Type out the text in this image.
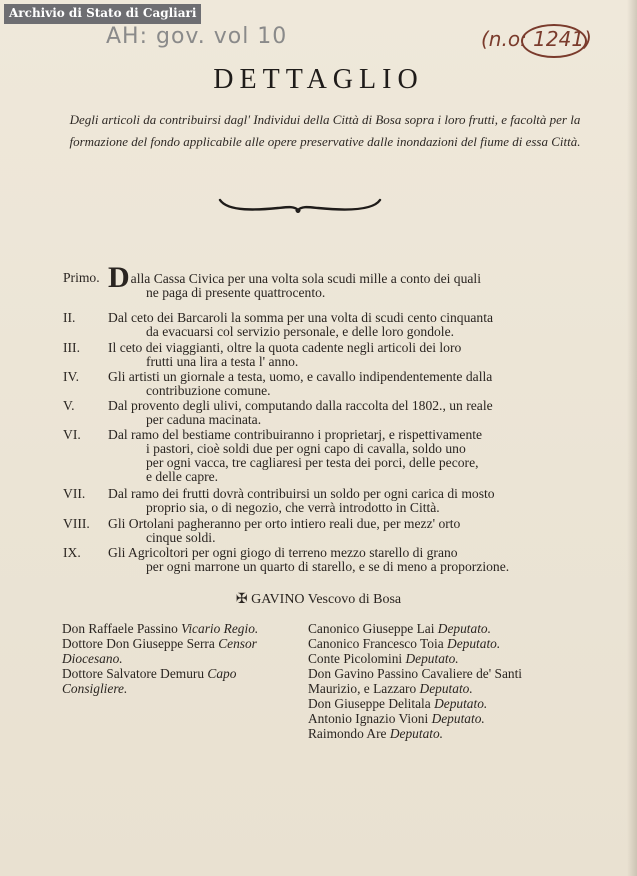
Archivio di Stato di Cagliari
AH: gov. vol 10	(n.o: 1241)
DETTAGLIO
Degli articoli da contribuirsi dagl' Individui della Città di Bosa sopra i loro frutti, e facoltà per la formazione del fondo applicabile alle opere preservative dalle inondazioni del fiume di essa Città.
Primo. Dalla Cassa Civica per una volta sola scudi mille a conto dei quali
ne paga di presente quattrocento.
II. Dal ceto dei Barcaroli la somma per una volta di scudi cento cinquanta
da evacuarsi col servizio personale, e delle loro gondole.
III. Il ceto dei viaggianti, oltre la quota cadente negli articoli dei loro
frutti una lira a testa l' anno.
IV. Gli artisti un giornale a testa, uomo, e cavallo indipendentemente dalla
contribuzione comune.
V. Dal provento degli ulivi, computando dalla raccolta del 1802., un reale
per caduna macinata.
VI. Dal ramo del bestiame contribuiranno i proprietarj, e rispettivamente
i pastori, cioè soldi due per ogni capo di cavalla, soldo uno
per ogni vacca, tre cagliaresi per testa dei porci, delle pecore,
e delle capre.
VII. Dal ramo dei frutti dovrà contribuirsi un soldo per ogni carica di mosto
proprio sia, o di negozio, che verrà introdotto in Città.
VIII. Gli Ortolani pagheranno per orto intiero reali due, per mezz' orto
cinque soldi.
IX. Gli Agricoltori per ogni giogo di terreno mezzo starello di grano
per ogni marrone un quarto di starello, e se di meno a proporzione.
✠ GAVINO Vescovo di Bosa
Don Raffaele Passino Vicario Regio.
Dottore Don Giuseppe Serra Censor Diocesano.
Dottore Salvatore Demuru Capo Consigliere.
Canonico Giuseppe Lai Deputato.
Canonico Francesco Toia Deputato.
Conte Picolomini Deputato.
Don Gavino Passino Cavaliere de' Santi Maurizio, e Lazzaro Deputato.
Don Giuseppe Delitala Deputato.
Antonio Ignazio Vioni Deputato.
Raimondo Are Deputato.
